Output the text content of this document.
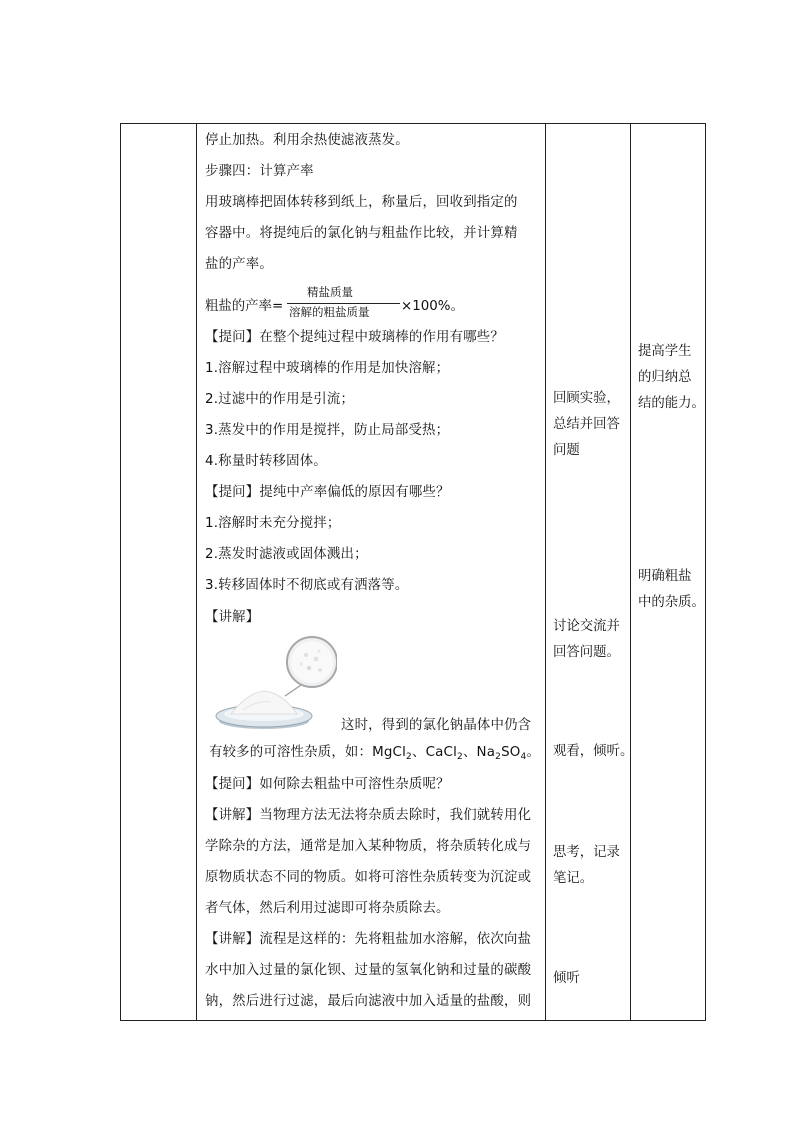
停止加热。利用余热使滤液蒸发。
步骤四：计算产率
用玻璃棒把固体转移到纸上，称量后，回收到指定的
容器中。将提纯后的氯化钠与粗盐作比较，并计算精
盐的产率。
粗盐的产率=
精盐质量
溶解的粗盐质量 ×100%。
【提问】在整个提纯过程中玻璃棒的作用有哪些？
1.溶解过程中玻璃棒的作用是加快溶解；
2.过滤中的作用是引流；
3.蒸发中的作用是搅拌，防止局部受热；
4.称量时转移固体。
【提问】提纯中产率偏低的原因有哪些？
1.溶解时未充分搅拌；
2.蒸发时滤液或固体溅出；
3.转移固体时不彻底或有洒落等。
【讲解】
这时，得到的氯化钠晶体中仍含
有较多的可溶性杂质，如：MgCl$_2$、CaCl$_2$、$Na_2SO_4$。
【提问】如何除去粗盐中可溶性杂质呢？
【讲解】当物理方法无法将杂质去除时，我们就转用化
学除杂的方法，通常是加入某种物质，将杂质转化成与
原物质状态不同的物质。如将可溶性杂质转变为沉淀或
者气体，然后利用过滤即可将杂质除去。
【讲解】流程是这样的：先将粗盐加水溶解，依次向盐
水中加入过量的氯化钡、过量的氢氧化钠和过量的碳酸
钠，然后进行过滤，最后向滤液中加入适量的盐酸，则
回顾实验，
总结并回答
问题
讨论交流并
回答问题。
观看，倾听。
思考，记录
笔记。
倾听
提高学生
的归纳总
结的能力。
明确粗盐
中的杂质。
